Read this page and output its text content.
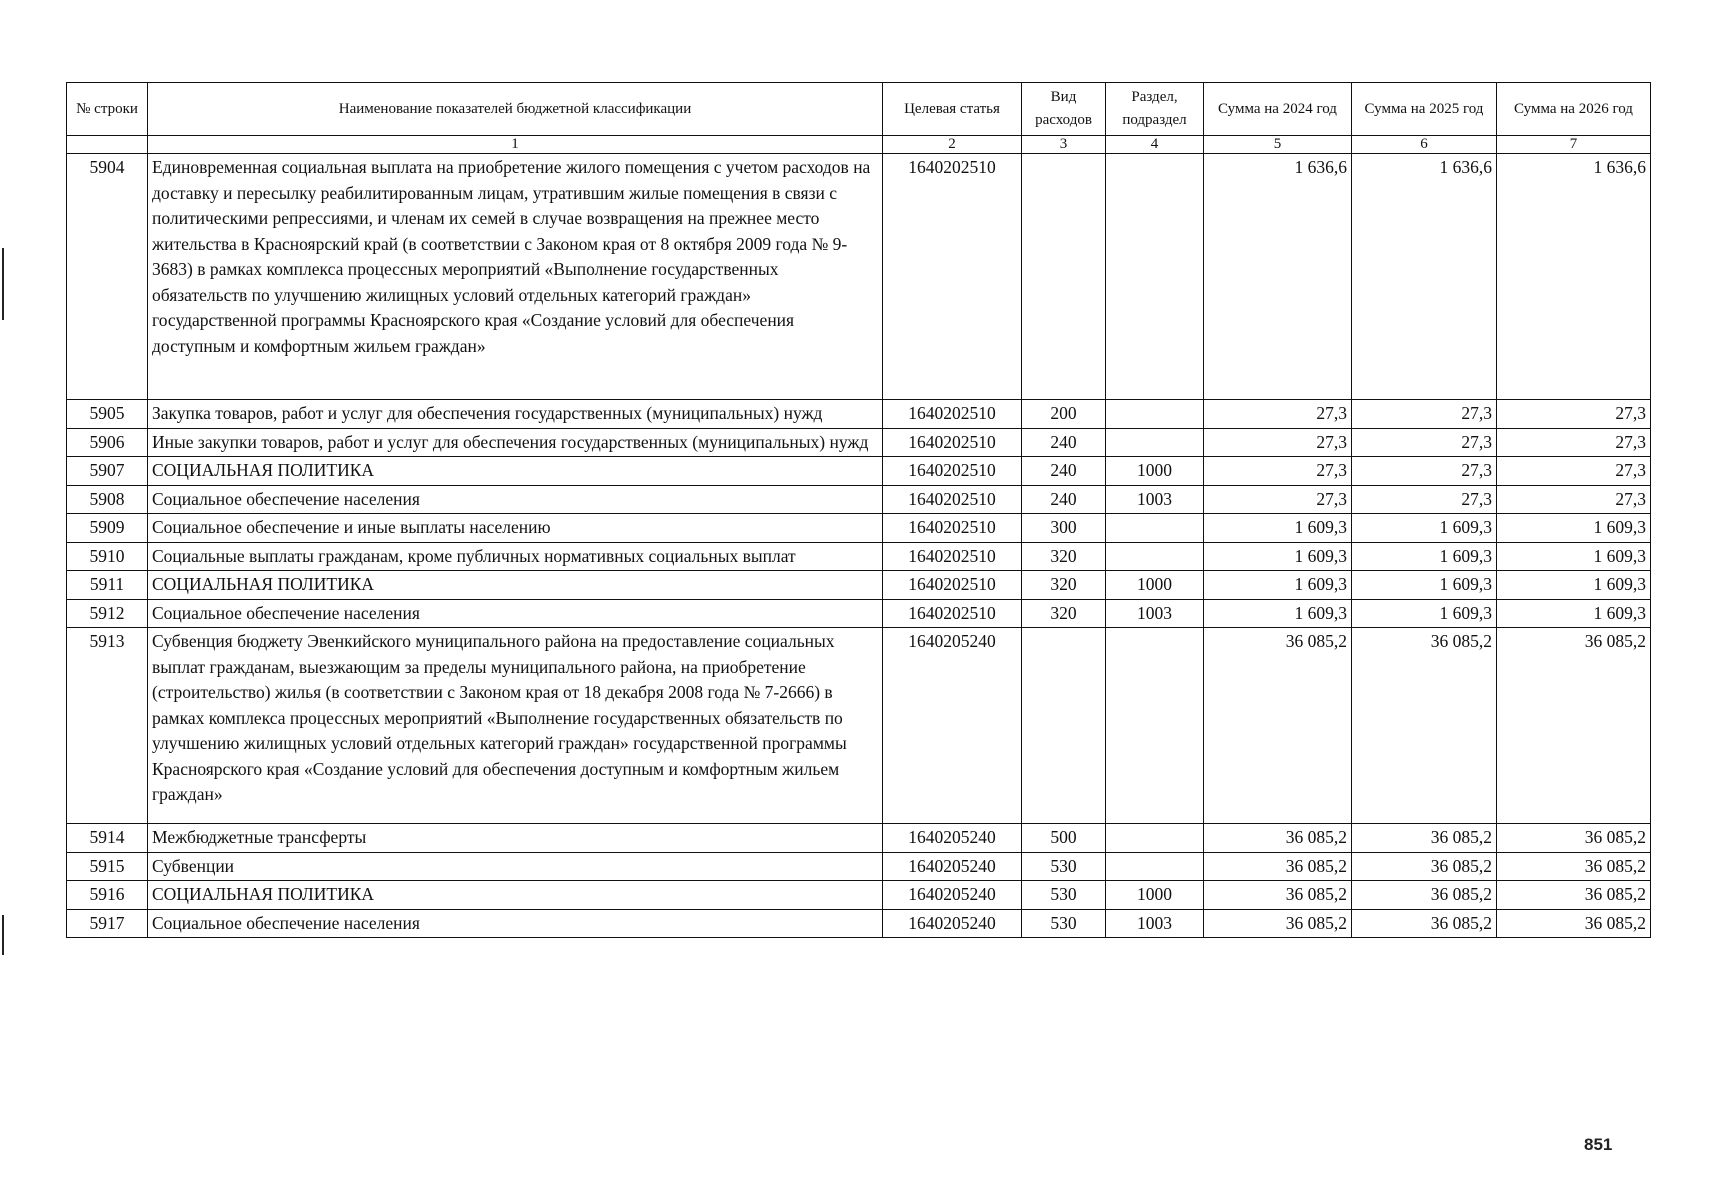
№ строки	Наименование показателей бюджетной классификации	Целевая статья	Вид расходов	Раздел, подраздел	Сумма на 2024 год	Сумма на 2025 год	Сумма на 2026 год
	1	2	3	4	5	6	7
5904	Единовременная социальная выплата на приобретение жилого помещения с учетом расходов на доставку и пересылку реабилитированным лицам, утратившим жилые помещения в связи с политическими репрессиями, и членам их семей в случае возвращения на прежнее место жительства в Красноярский край (в соответствии с Законом края от 8 октября 2009 года № 9-3683) в рамках комплекса процессных мероприятий «Выполнение государственных обязательств по улучшению жилищных условий отдельных категорий граждан» государственной программы Красноярского края «Создание условий для обеспечения доступным и комфортным жильем граждан»	1640202510			1 636,6	1 636,6	1 636,6
5905	Закупка товаров, работ и услуг для обеспечения государственных (муниципальных) нужд	1640202510	200		27,3	27,3	27,3
5906	Иные закупки товаров, работ и услуг для обеспечения государственных (муниципальных) нужд	1640202510	240		27,3	27,3	27,3
5907	СОЦИАЛЬНАЯ ПОЛИТИКА	1640202510	240	1000	27,3	27,3	27,3
5908	Социальное обеспечение населения	1640202510	240	1003	27,3	27,3	27,3
5909	Социальное обеспечение и иные выплаты населению	1640202510	300		1 609,3	1 609,3	1 609,3
5910	Социальные выплаты гражданам, кроме публичных нормативных социальных выплат	1640202510	320		1 609,3	1 609,3	1 609,3
5911	СОЦИАЛЬНАЯ ПОЛИТИКА	1640202510	320	1000	1 609,3	1 609,3	1 609,3
5912	Социальное обеспечение населения	1640202510	320	1003	1 609,3	1 609,3	1 609,3
5913	Субвенция бюджету Эвенкийского муниципального района на предоставление социальных выплат гражданам, выезжающим за пределы муниципального района, на приобретение (строительство) жилья (в соответствии с Законом края от 18 декабря 2008 года № 7-2666) в рамках комплекса процессных мероприятий «Выполнение государственных обязательств по улучшению жилищных условий отдельных категорий граждан» государственной программы Красноярского края «Создание условий для обеспечения доступным и комфортным жильем граждан»	1640205240			36 085,2	36 085,2	36 085,2
5914	Межбюджетные трансферты	1640205240	500		36 085,2	36 085,2	36 085,2
5915	Субвенции	1640205240	530		36 085,2	36 085,2	36 085,2
5916	СОЦИАЛЬНАЯ ПОЛИТИКА	1640205240	530	1000	36 085,2	36 085,2	36 085,2
5917	Социальное обеспечение населения	1640205240	530	1003	36 085,2	36 085,2	36 085,2
851
